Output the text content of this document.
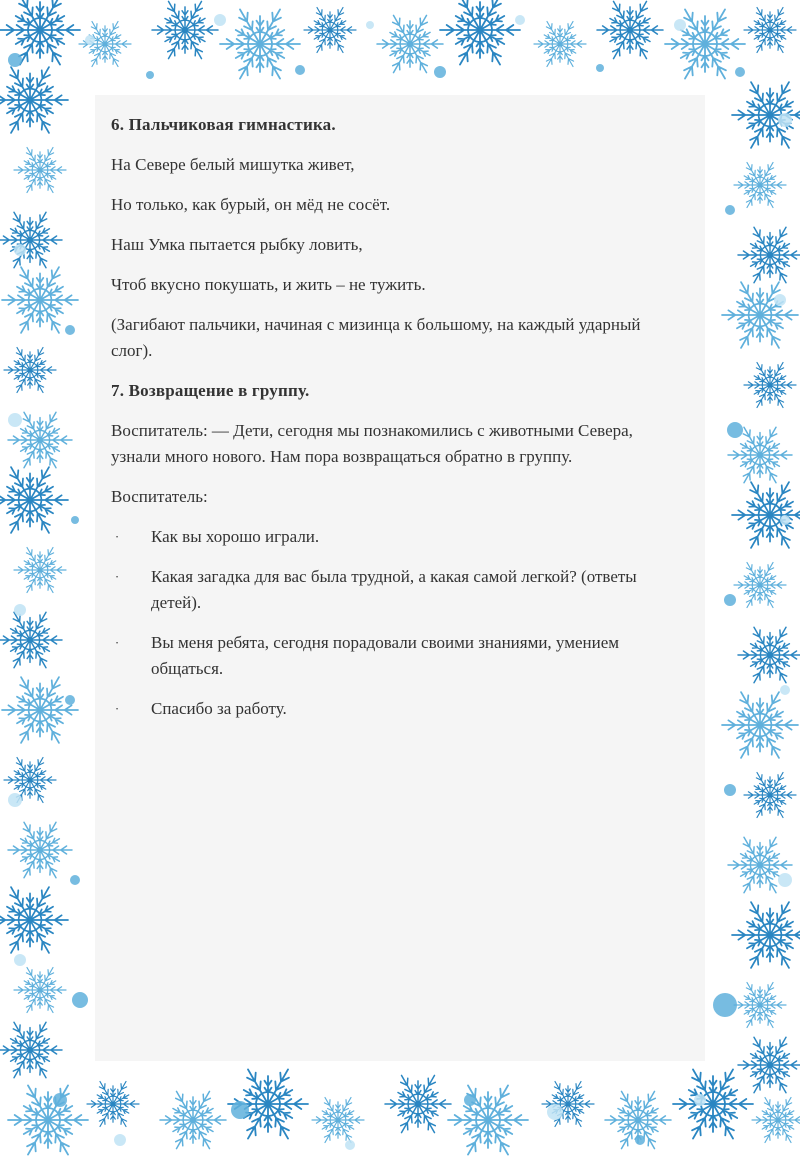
6. Пальчиковая гимнастика.

На Севере белый мишутка живет,

Но только, как бурый, он мёд не сосёт.

Наш Умка пытается рыбку ловить,

Чтоб вкусно покушать, и жить – не тужить.

(Загибают пальчики, начиная с мизинца к большому, на каждый ударный слог).

7. Возвращение в группу.

Воспитатель: — Дети, сегодня мы познакомились с животными Севера, узнали много нового. Нам пора возвращаться обратно в группу.

Воспитатель:

· Как вы хорошо играли.
· Какая загадка для вас была трудной, а какая самой легкой? (ответы детей).
· Вы меня ребята, сегодня порадовали своими знаниями, умением общаться.
· Спасибо за работу.
